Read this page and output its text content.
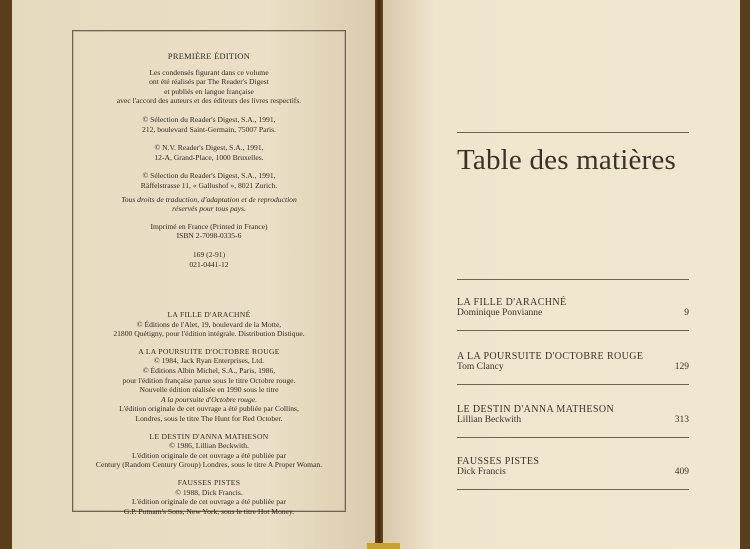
PREMIÈRE ÉDITION
Les condensés figurant dans ce volume
ont été réalisés par The Reader's Digest
et publiés en langue française
avec l'accord des auteurs et des éditeurs des livres respectifs.
© Sélection du Reader's Digest, S.A., 1991,
212, boulevard Saint-Germain, 75007 Paris.
© N.V. Reader's Digest, S.A., 1991,
12-A, Grand-Place, 1000 Bruxelles.
© Sélection du Reader's Digest, S.A., 1991,
Räffelstrasse 11, « Gallushof », 8021 Zurich.
Tous droits de traduction, d'adaptation et de reproduction
réservés pour tous pays.
Imprimé en France (Printed in France)
ISBN 2-7098-0335-6
169 (2-91)
021-0441-12
LA FILLE D'ARACHNÉ
© Éditions de l'Alet, 19, boulevard de la Motte,
21800 Quétigny, pour l'édition intégrale. Distribution Distique.
A LA POURSUITE D'OCTOBRE ROUGE
© 1984, Jack Ryan Enterprises, Ltd.
© Éditions Albin Michel, S.A., Paris, 1986,
pour l'édition française parue sous le titre Octobre rouge.
Nouvelle édition réalisée en 1990 sous le titre
A la poursuite d'Octobre rouge.
L'édition originale de cet ouvrage a été publiée par Collins,
Londres, sous le titre The Hunt for Red October.
LE DESTIN D'ANNA MATHESON
© 1986, Lillian Beckwith.
L'édition originale de cet ouvrage a été publiée par
Century (Random Century Group) Londres, sous le titre A Proper Woman.
FAUSSES PISTES
© 1988, Dick Francis.
L'édition originale de cet ouvrage a été publiée par
G.P. Putnam's Sons, New York, sous le titre Hot Money.
Table des matières
LA FILLE D'ARACHNÉ
Dominique Ponvianne	9
A LA POURSUITE D'OCTOBRE ROUGE
Tom Clancy	129
LE DESTIN D'ANNA MATHESON
Lillian Beckwith	313
FAUSSES PISTES
Dick Francis	409
